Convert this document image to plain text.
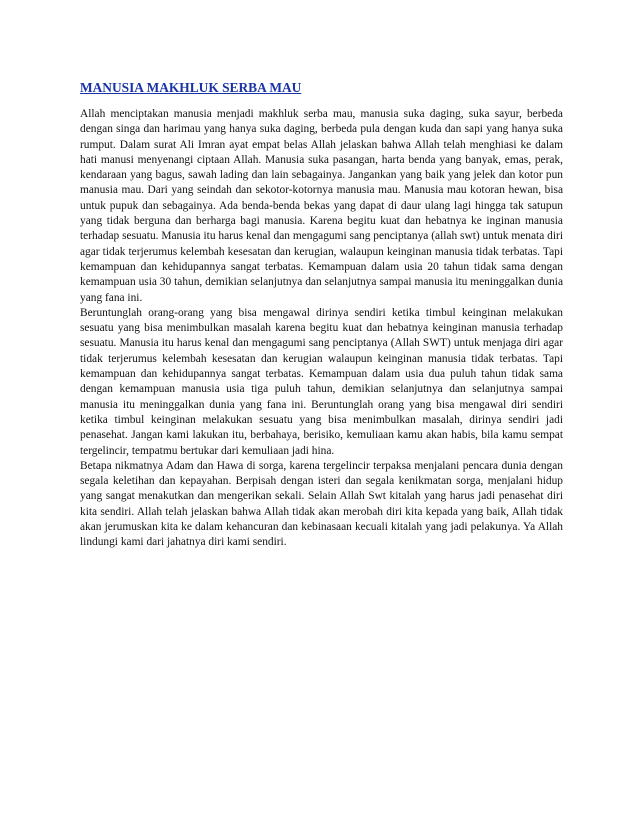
MANUSIA MAKHLUK SERBA MAU

Allah menciptakan manusia menjadi makhluk serba mau, manusia suka daging, suka sayur, berbeda dengan singa dan harimau yang hanya suka daging, berbeda pula dengan kuda dan sapi yang hanya suka rumput. Dalam surat Ali Imran ayat empat belas Allah jelaskan bahwa Allah telah menghiasi ke dalam hati manusi menyenangi ciptaan Allah. Manusia suka pasangan, harta benda yang banyak, emas, perak, kendaraan yang bagus, sawah lading dan lain sebagainya. Jangankan yang baik yang jelek dan kotor pun manusia mau. Dari yang seindah dan sekotor-kotornya manusia mau. Manusia mau kotoran hewan, bisa untuk pupuk dan sebagainya. Ada benda-benda bekas yang dapat di daur ulang lagi hingga tak satupun yang tidak berguna dan berharga bagi manusia. Karena begitu kuat dan hebatnya ke inginan manusia terhadap sesuatu. Manusia itu harus kenal dan mengagumi sang penciptanya (allah swt) untuk menata diri agar tidak terjerumus kelembah kesesatan dan kerugian, walaupun keinginan manusia tidak terbatas. Tapi kemampuan dan kehidupannya sangat terbatas. Kemampuan dalam usia 20 tahun tidak sama dengan kemampuan usia 30 tahun, demikian selanjutnya dan selanjutnya sampai manusia itu meninggalkan dunia yang fana ini.

Beruntunglah orang-orang yang bisa mengawal dirinya sendiri ketika timbul keinginan melakukan sesuatu yang bisa menimbulkan masalah karena begitu kuat dan hebatnya keinginan manusia terhadap sesuatu. Manusia itu harus kenal dan mengagumi sang penciptanya (Allah SWT) untuk menjaga diri agar tidak terjerumus kelembah kesesatan dan kerugian walaupun keinginan manusia tidak terbatas. Tapi kemampuan dan kehidupannya sangat terbatas. Kemampuan dalam usia dua puluh tahun tidak sama dengan kemampuan manusia usia tiga puluh tahun, demikian selanjutnya dan selanjutnya sampai manusia itu meninggalkan dunia yang fana ini. Beruntunglah orang yang bisa mengawal diri sendiri ketika timbul keinginan melakukan sesuatu yang bisa menimbulkan masalah, dirinya sendiri jadi penasehat. Jangan kami lakukan itu, berbahaya, berisiko, kemuliaan kamu akan habis, bila kamu sempat tergelincir, tempatmu bertukar dari kemuliaan jadi hina.

Betapa nikmatnya Adam dan Hawa di sorga, karena tergelincir terpaksa menjalani pencara dunia dengan segala keletihan dan kepayahan. Berpisah dengan isteri dan segala kenikmatan sorga, menjalani hidup yang sangat menakutkan dan mengerikan sekali. Selain Allah Swt kitalah yang harus jadi penasehat diri kita sendiri. Allah telah jelaskan bahwa Allah tidak akan merobah diri kita kepada yang baik, Allah tidak akan jerumuskan kita ke dalam kehancuran dan kebinasaan kecuali kitalah yang jadi pelakunya. Ya Allah lindungi kami dari jahatnya diri kami sendiri.
